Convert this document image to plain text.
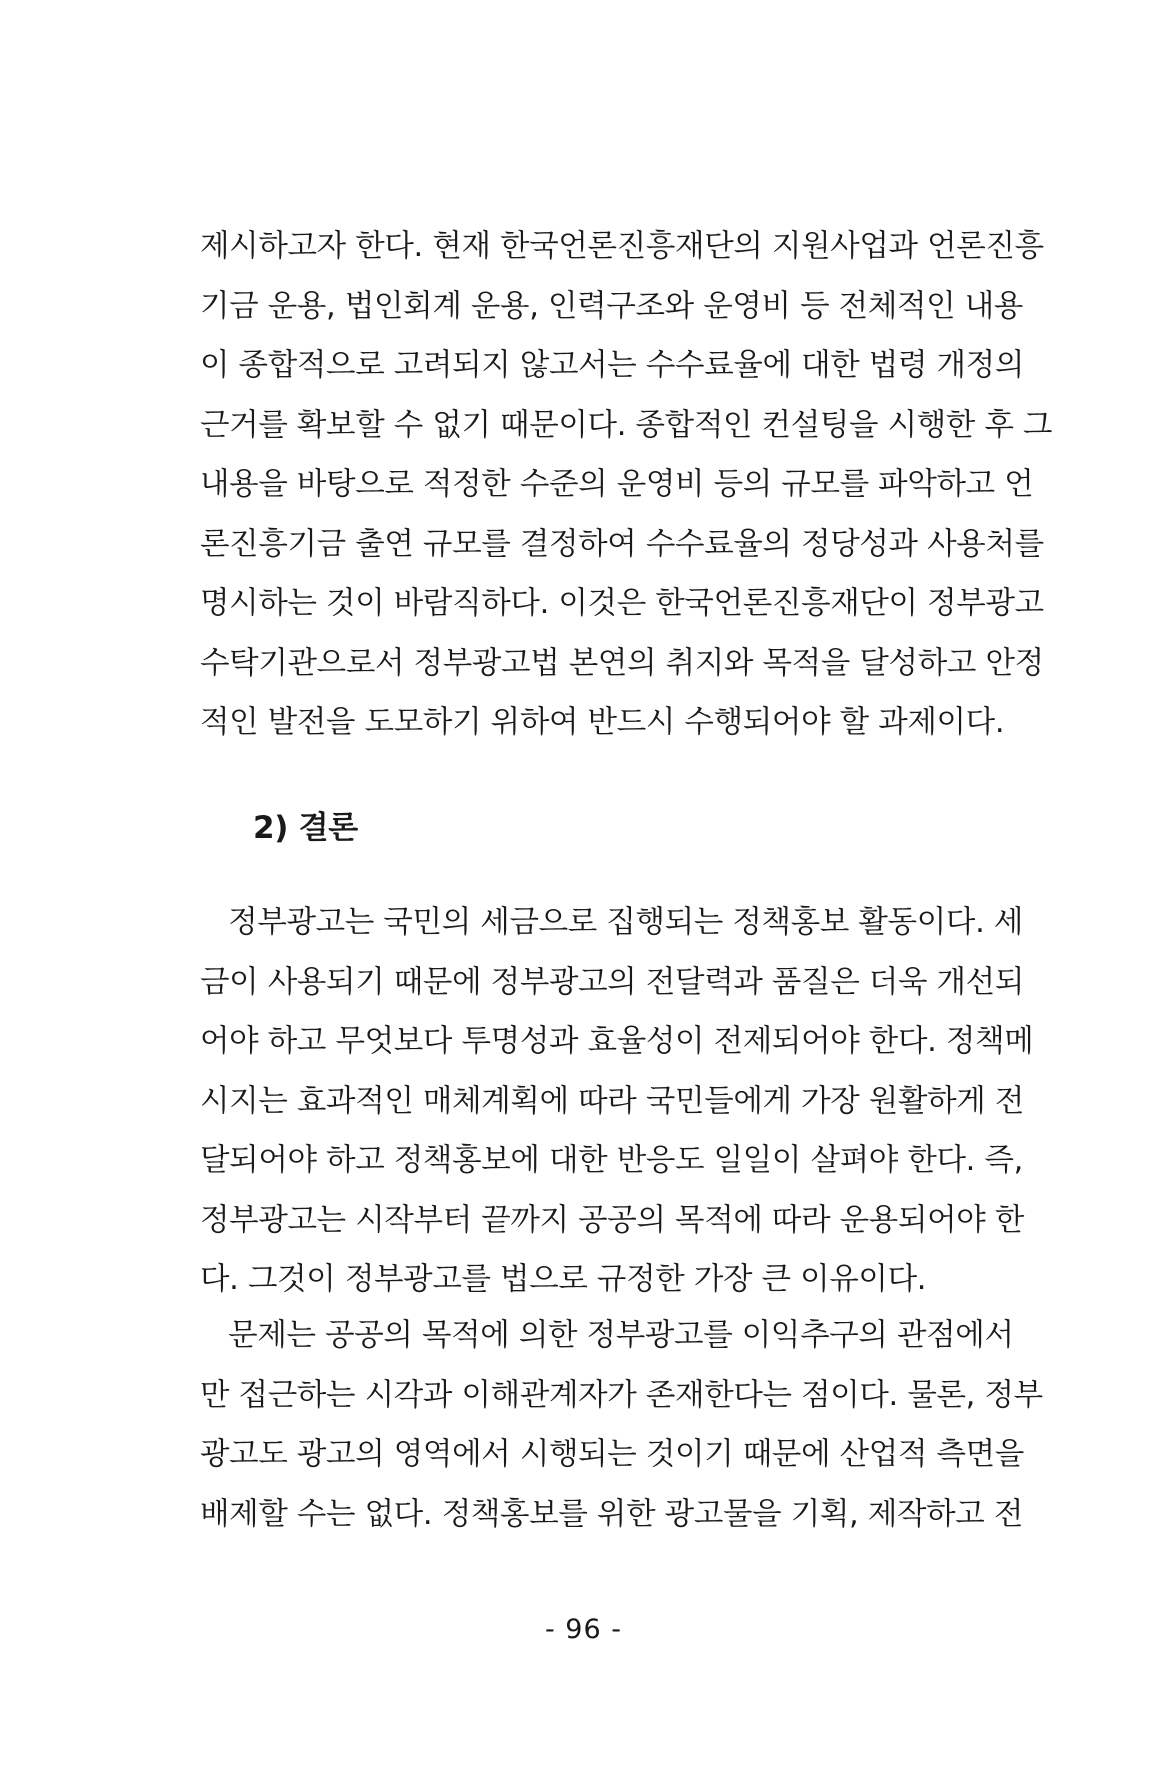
제시하고자 한다. 현재 한국언론진흥재단의 지원사업과 언론진흥
기금 운용, 법인회계 운용, 인력구조와 운영비 등 전체적인 내용
이 종합적으로 고려되지 않고서는 수수료율에 대한 법령 개정의
근거를 확보할 수 없기 때문이다. 종합적인 컨설팅을 시행한 후 그
내용을 바탕으로 적정한 수준의 운영비 등의 규모를 파악하고 언
론진흥기금 출연 규모를 결정하여 수수료율의 정당성과 사용처를
명시하는 것이 바람직하다. 이것은 한국언론진흥재단이 정부광고
수탁기관으로서 정부광고법 본연의 취지와 목적을 달성하고 안정
적인 발전을 도모하기 위하여 반드시 수행되어야 할 과제이다.
2) 결론
정부광고는 국민의 세금으로 집행되는 정책홍보 활동이다. 세
금이 사용되기 때문에 정부광고의 전달력과 품질은 더욱 개선되
어야 하고 무엇보다 투명성과 효율성이 전제되어야 한다. 정책메
시지는 효과적인 매체계획에 따라 국민들에게 가장 원활하게 전
달되어야 하고 정책홍보에 대한 반응도 일일이 살펴야 한다. 즉,
정부광고는 시작부터 끝까지 공공의 목적에 따라 운용되어야 한
다. 그것이 정부광고를 법으로 규정한 가장 큰 이유이다.
문제는 공공의 목적에 의한 정부광고를 이익추구의 관점에서
만 접근하는 시각과 이해관계자가 존재한다는 점이다. 물론, 정부
광고도 광고의 영역에서 시행되는 것이기 때문에 산업적 측면을
배제할 수는 없다. 정책홍보를 위한 광고물을 기획, 제작하고 전
- 96 -
